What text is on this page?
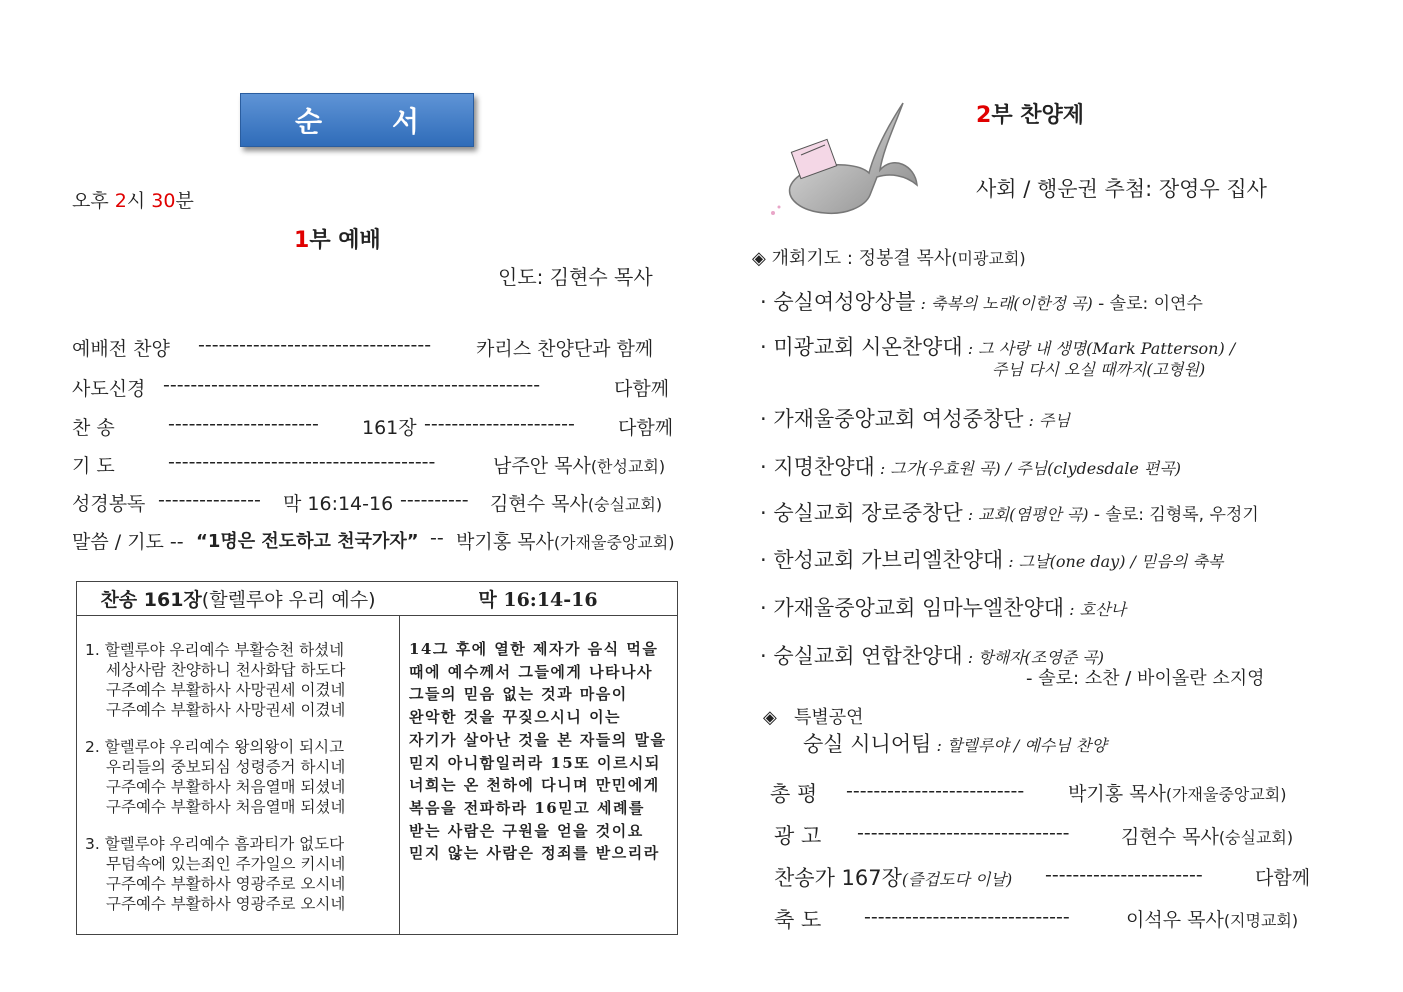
순서
오후 2시 30분
1부 예배
인도: 김현수 목사
예배전 찬양 ---------------------------------- 카리스 찬양단과 함께
사도신경 -------------------------------------------------------	다함께
찬 송	---------------------- 161장 ---------------------- 다함께
기 도	---------------------------------------	남주안 목사(한성교회)
성경봉독 --------------- 막 16:14-16 ---------- 김현수 목사(숭실교회)
말씀 / 기도 -- “1명은 전도하고 천국가자” -- 박기홍 목사(가재울중앙교회)
찬송 161장 (할렐루야 우리 예수)	막 16:14-16
1. 할렐루야 우리예수 부활승천 하셨네
세상사람 찬양하니 천사화답 하도다
구주예수 부활하사 사망권세 이겼네
구주예수 부활하사 사망권세 이겼네
2. 할렐루야 우리예수 왕의왕이 되시고
우리들의 중보되심 성령증거 하시네
구주예수 부활하사 처음열매 되셨네
구주예수 부활하사 처음열매 되셨네
3. 할렐루야 우리예수 흠과티가 없도다
무덤속에 있는죄인 주가일으 키시네
구주예수 부활하사 영광주로 오시네
구주예수 부활하사 영광주로 오시네
14그 후에 열한 제자가 음식 먹을 때에 예수께서 그들에게 나타나사 그들의 믿음 없는 것과 마음이 완악한 것을 꾸짖으시니 이는 자기가 살아난 것을 본 자들의 말을 믿지 아니함일러라 15또 이르시되 너희는 온 천하에 다니며 만민에게 복음을 전파하라 16믿고 세례를 받는 사람은 구원을 얻을 것이요 믿지 않는 사람은 정죄를 받으리라
2부 찬양제
사회 / 행운권 추첨: 장영우 집사
◈ 개회기도 : 정봉결 목사(미광교회)
· 숭실여성앙상블 : 축복의 노래(이한정 곡) - 솔로: 이연수
· 미광교회 시온찬양대 : 그 사랑 내 생명(Mark Patterson) /
주님 다시 오실 때까지(고형원)
· 가재울중앙교회 여성중창단 : 주님
· 지명찬양대 : 그가(우효원 곡) / 주님(clydesdale 편곡)
· 숭실교회 장로중창단 : 교회(염평안 곡) - 솔로: 김형록, 우정기
· 한성교회 가브리엘찬양대 : 그날(one day) / 믿음의 축복
· 가재울중앙교회 임마누엘찬양대 : 호산나
· 숭실교회 연합찬양대 : 항해자(조영준 곡)
- 솔로: 소찬 / 바이올란 소지영
◈ 특별공연
숭실 시니어팀 : 할렐루야 / 예수님 찬양
총 평 -------------------------- 박기홍 목사(가재울중앙교회)
광 고 -------------------------------	김현수 목사(숭실교회)
찬송가 167장(즐겁도다 이날) -----------------------	다함께
축 도 ------------------------------	이석우 목사(지명교회)
